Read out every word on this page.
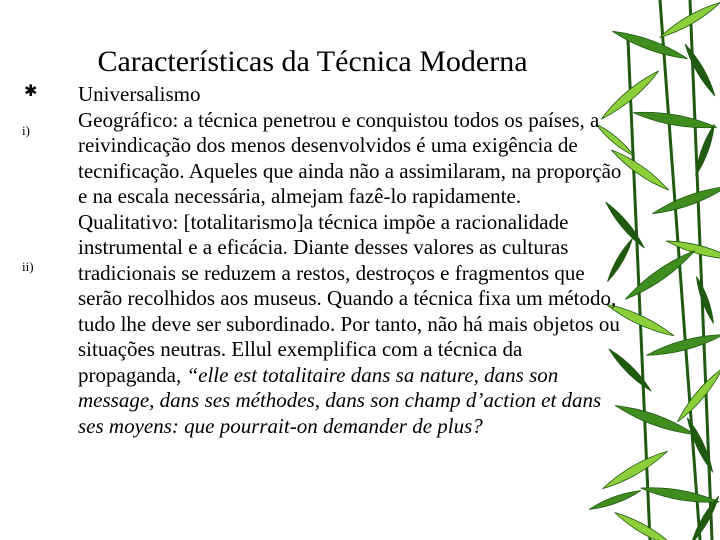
Características da Técnica Moderna
✱
i)
ii)

Universalismo

Geográfico: a técnica penetrou e conquistou todos os países, a reivindicação dos menos desenvolvidos é uma exigência de tecnificação. Aqueles que ainda não a assimilaram, na proporção e na escala necessária, almejam fazê-lo rapidamente.

Qualitativo: [totalitarismo]a técnica impõe a racionalidade instrumental e a eficácia. Diante desses valores as culturas tradicionais se reduzem a restos, destroços e fragmentos que serão recolhidos aos museus. Quando a técnica fixa um método, tudo lhe deve ser subordinado. Por tanto, não há mais objetos ou situações neutras. Ellul exemplifica com a técnica da propaganda, “elle est totalitaire dans sa nature, dans son message, dans ses méthodes, dans son champ d’action et dans ses moyens: que pourrait-on demander de plus?
